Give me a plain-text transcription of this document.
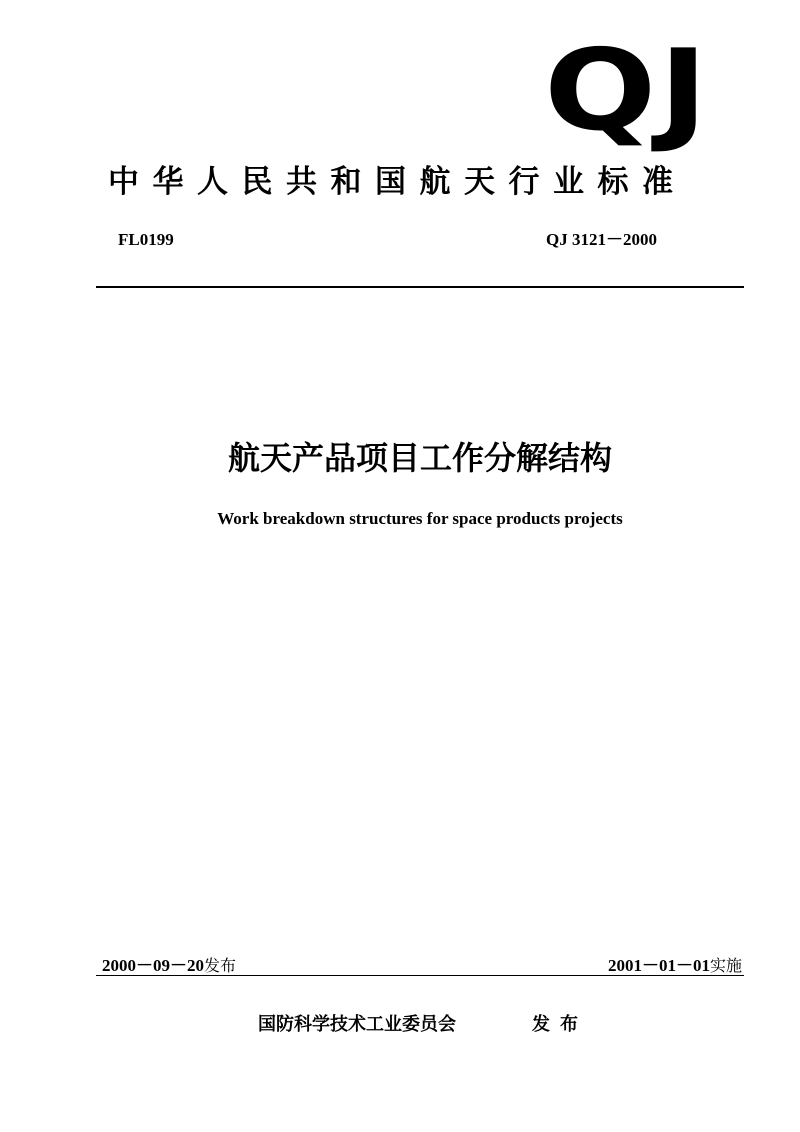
QJ
中华人民共和国航天行业标准
FL0199	QJ 3121－2000
航天产品项目工作分解结构
Work breakdown structures for space products projects
2000－09－20发布	2001－01－01实施
国防科学技术工业委员会	发布
